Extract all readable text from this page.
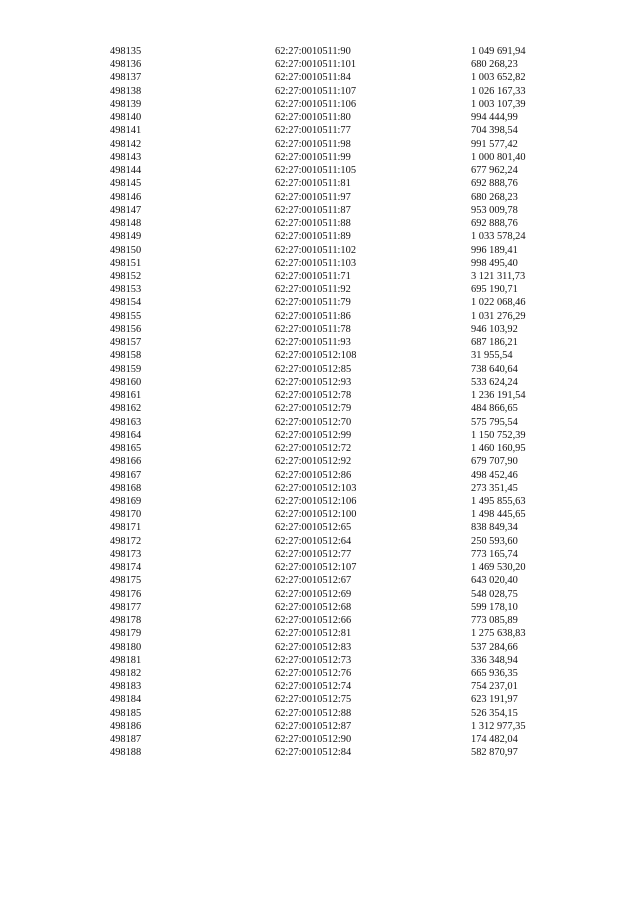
498135	62:27:0010511:90	1 049 691,94
498136	62:27:0010511:101	680 268,23
498137	62:27:0010511:84	1 003 652,82
498138	62:27:0010511:107	1 026 167,33
498139	62:27:0010511:106	1 003 107,39
498140	62:27:0010511:80	994 444,99
498141	62:27:0010511:77	704 398,54
498142	62:27:0010511:98	991 577,42
498143	62:27:0010511:99	1 000 801,40
498144	62:27:0010511:105	677 962,24
498145	62:27:0010511:81	692 888,76
498146	62:27:0010511:97	680 268,23
498147	62:27:0010511:87	953 009,78
498148	62:27:0010511:88	692 888,76
498149	62:27:0010511:89	1 033 578,24
498150	62:27:0010511:102	996 189,41
498151	62:27:0010511:103	998 495,40
498152	62:27:0010511:71	3 121 311,73
498153	62:27:0010511:92	695 190,71
498154	62:27:0010511:79	1 022 068,46
498155	62:27:0010511:86	1 031 276,29
498156	62:27:0010511:78	946 103,92
498157	62:27:0010511:93	687 186,21
498158	62:27:0010512:108	31 955,54
498159	62:27:0010512:85	738 640,64
498160	62:27:0010512:93	533 624,24
498161	62:27:0010512:78	1 236 191,54
498162	62:27:0010512:79	484 866,65
498163	62:27:0010512:70	575 795,54
498164	62:27:0010512:99	1 150 752,39
498165	62:27:0010512:72	1 460 160,95
498166	62:27:0010512:92	679 707,90
498167	62:27:0010512:86	498 452,46
498168	62:27:0010512:103	273 351,45
498169	62:27:0010512:106	1 495 855,63
498170	62:27:0010512:100	1 498 445,65
498171	62:27:0010512:65	838 849,34
498172	62:27:0010512:64	250 593,60
498173	62:27:0010512:77	773 165,74
498174	62:27:0010512:107	1 469 530,20
498175	62:27:0010512:67	643 020,40
498176	62:27:0010512:69	548 028,75
498177	62:27:0010512:68	599 178,10
498178	62:27:0010512:66	773 085,89
498179	62:27:0010512:81	1 275 638,83
498180	62:27:0010512:83	537 284,66
498181	62:27:0010512:73	336 348,94
498182	62:27:0010512:76	665 936,35
498183	62:27:0010512:74	754 237,01
498184	62:27:0010512:75	623 191,97
498185	62:27:0010512:88	526 354,15
498186	62:27:0010512:87	1 312 977,35
498187	62:27:0010512:90	174 482,04
498188	62:27:0010512:84	582 870,97
